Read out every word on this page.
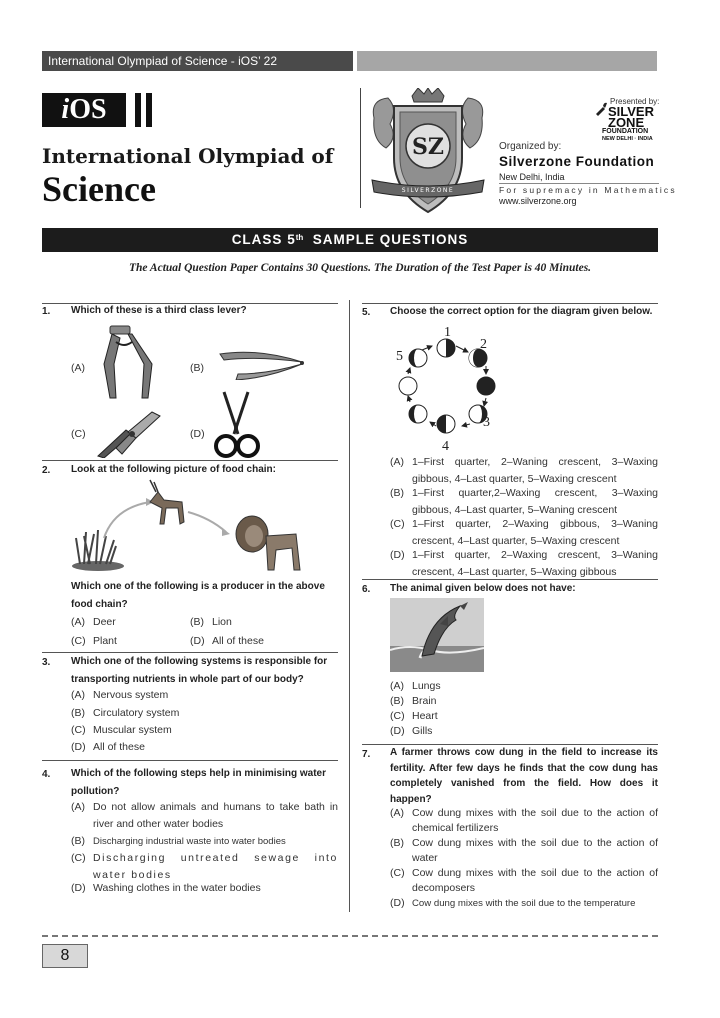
International Olympiad of Science - iOS’ 22
iOS
International Olympiad of
Science
SZ
SILVERZONE
Presented by:
SILVER
ZONE
FOUNDATION
NEW DELHI · INDIA
Organized by:
Silverzone Foundation
New Delhi, India
For supremacy in Mathematics
www.silverzone.org
CLASS 5th SAMPLE QUESTIONS
The Actual Question Paper Contains 30 Questions. The Duration of the Test Paper is 40 Minutes.
1. Which of these is a third class lever?
(A)	(B)
(C)	(D)
2. Look at the following picture of food chain:
Which one of the following is a producer in the above food chain?
(A) Deer	(B) Lion
(C) Plant	(D) All of these
3. Which one of the following systems is responsible for transporting nutrients in whole part of our body?
(A) Nervous system
(B) Circulatory system
(C) Muscular system
(D) All of these
4. Which of the following steps help in minimising water pollution?
(A) Do not allow animals and humans to take bath in river and other water bodies
(B) Discharging industrial waste into water bodies
(C) Discharging untreated sewage into water bodies
(D) Washing clothes in the water bodies
5. Choose the correct option for the diagram given below.
1
2
3
4
5
(A) 1–First quarter, 2–Waning crescent, 3–Waxing gibbous, 4–Last quarter, 5–Waxing crescent
(B) 1–First quarter,2–Waxing crescent, 3–Waxing gibbous, 4–Last quarter, 5–Waning crescent
(C) 1–First quarter, 2–Waxing gibbous, 3–Waning crescent, 4–Last quarter, 5–Waxing crescent
(D) 1–First quarter, 2–Waxing crescent, 3–Waning crescent, 4–Last quarter, 5–Waxing gibbous
6. The animal given below does not have:
(A) Lungs
(B) Brain
(C) Heart
(D) Gills
7. A farmer throws cow dung in the field to increase its fertility. After few days he finds that the cow dung has completely vanished from the field. How does it happen?
(A) Cow dung mixes with the soil due to the action of chemical fertilizers
(B) Cow dung mixes with the soil due to the action of water
(C) Cow dung mixes with the soil due to the action of decomposers
(D) Cow dung mixes with the soil due to the temperature
8
